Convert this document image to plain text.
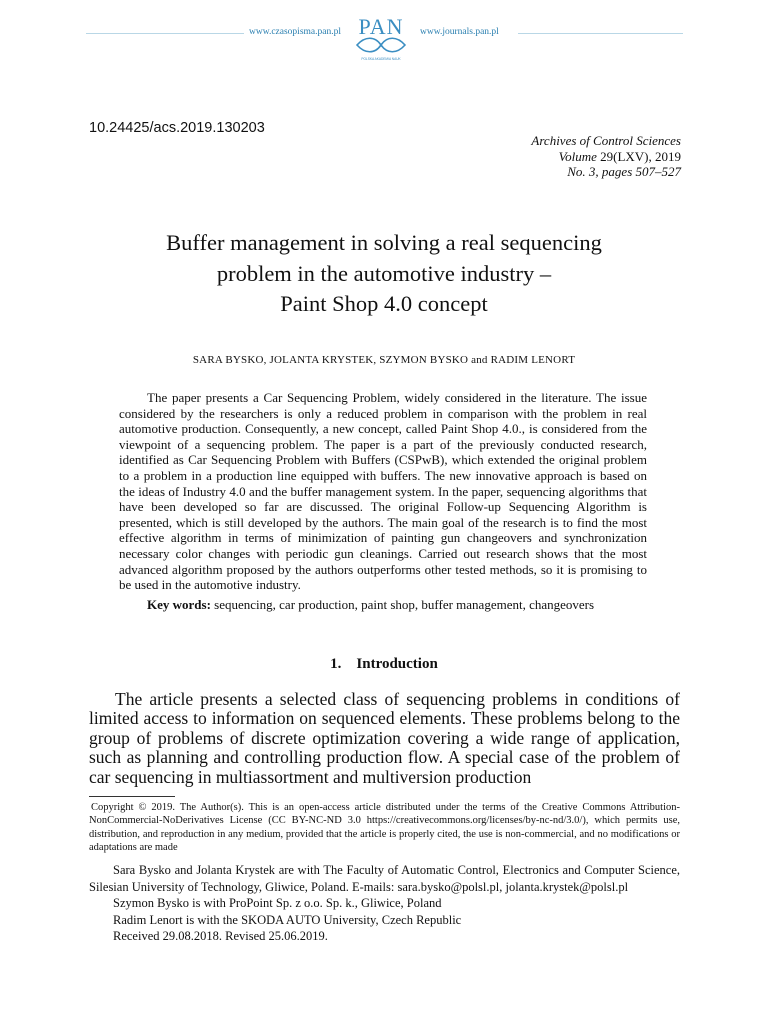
www.czasopisma.pan.pl PAN
POLSKA AKADEMIA NAUK
www.journals.pan.pl
10.24425/acs.2019.130203
Archives of Control Sciences
Volume 29(LXV), 2019
No. 3, pages 507–527
Buffer management in solving a real sequencing
problem in the automotive industry –
Paint Shop 4.0 concept
SARA BYSKO, JOLANTA KRYSTEK, SZYMON BYSKO and RADIM LENORT

The paper presents a Car Sequencing Problem, widely considered in the literature. The issue considered by the researchers is only a reduced problem in comparison with the problem in real automotive production. Consequently, a new concept, called Paint Shop 4.0., is considered from the viewpoint of a sequencing problem. The paper is a part of the previously conducted research, identified as Car Sequencing Problem with Buffers (CSPwB), which extended the original problem to a problem in a production line equipped with buffers. The new innovative approach is based on the ideas of Industry 4.0 and the buffer management system. In the paper, sequencing algorithms that have been developed so far are discussed. The original Follow-up Sequencing Algorithm is presented, which is still developed by the authors. The main goal of the research is to find the most effective algorithm in terms of minimization of painting gun changeovers and synchronization necessary color changes with periodic gun cleanings. Carried out research shows that the most advanced algorithm proposed by the authors outperforms other tested methods, so it is promising to be used in the automotive industry.

Key words: sequencing, car production, paint shop, buffer management, changeovers
1. Introduction

The article presents a selected class of sequencing problems in conditions of limited access to information on sequenced elements. These problems belong to the group of problems of discrete optimization covering a wide range of application, such as planning and controlling production flow. A special case of the problem of car sequencing in multiassortment and multiversion production

Copyright © 2019. The Author(s). This is an open-access article distributed under the terms of the Creative Commons Attribution-NonCommercial-NoDerivatives License (CC BY-NC-ND 3.0 https://creativecommons.org/licenses/by-nc-nd/3.0/), which permits use, distribution, and reproduction in any medium, provided that the article is properly cited, the use is non-commercial, and no modifications or adaptations are made

Sara Bysko and Jolanta Krystek are with The Faculty of Automatic Control, Electronics and Computer Science, Silesian University of Technology, Gliwice, Poland. E-mails: sara.bysko@polsl.pl, jolanta.krystek@polsl.pl
Szymon Bysko is with ProPoint Sp. z o.o. Sp. k., Gliwice, Poland
Radim Lenort is with the SKODA AUTO University, Czech Republic
Received 29.08.2018. Revised 25.06.2019.
